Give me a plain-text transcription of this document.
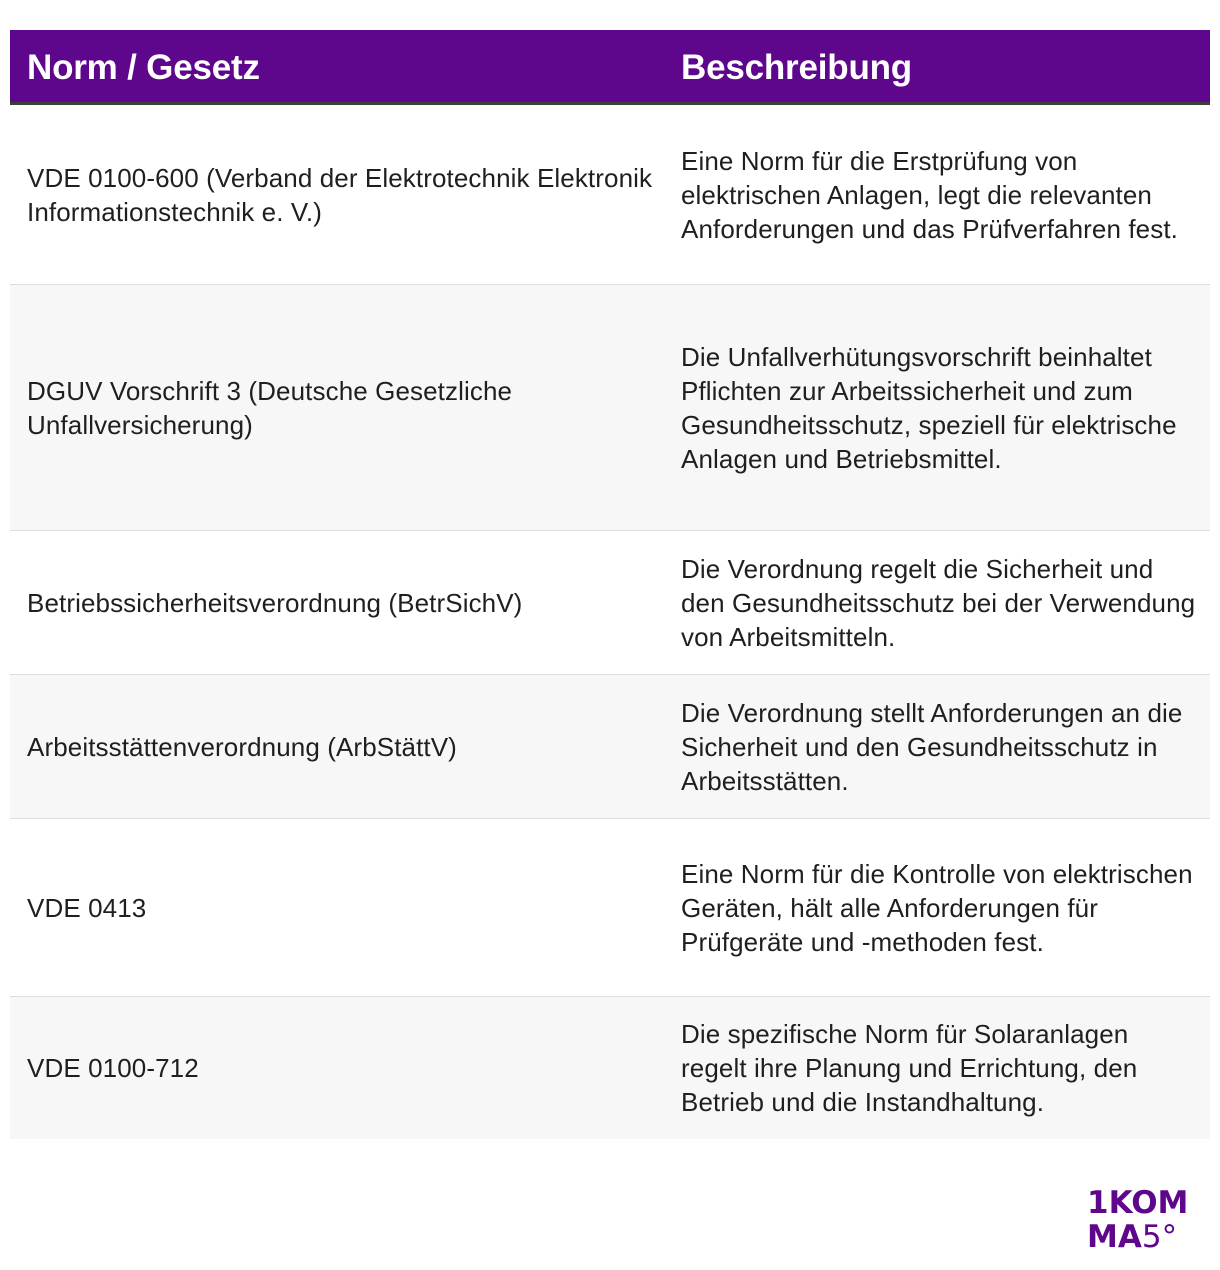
Norm / Gesetz	Beschreibung
VDE 0100-600 (Verband der Elektrotechnik Elektronik Informationstechnik e. V.)
Eine Norm für die Erstprüfung von elektrischen Anlagen, legt die relevanten Anforderungen und das Prüfverfahren fest.
DGUV Vorschrift 3 (Deutsche Gesetzliche Unfallversicherung)
Die Unfallverhütungsvorschrift beinhaltet Pflichten zur Arbeitssicherheit und zum Gesundheitsschutz, speziell für elektrische Anlagen und Betriebsmittel.
Betriebssicherheitsverordnung (BetrSichV)
Die Verordnung regelt die Sicherheit und den Gesundheitsschutz bei der Verwendung von Arbeitsmitteln.
Arbeitsstättenverordnung (ArbStättV)
Die Verordnung stellt Anforderungen an die Sicherheit und den Gesundheitsschutz in Arbeitsstätten.
VDE 0413
Eine Norm für die Kontrolle von elektrischen Geräten, hält alle Anforderungen für Prüfgeräte und -methoden fest.
VDE 0100-712
Die spezifische Norm für Solaranlagen regelt ihre Planung und Errichtung, den Betrieb und die Instandhaltung.
1KOM
MA5°
